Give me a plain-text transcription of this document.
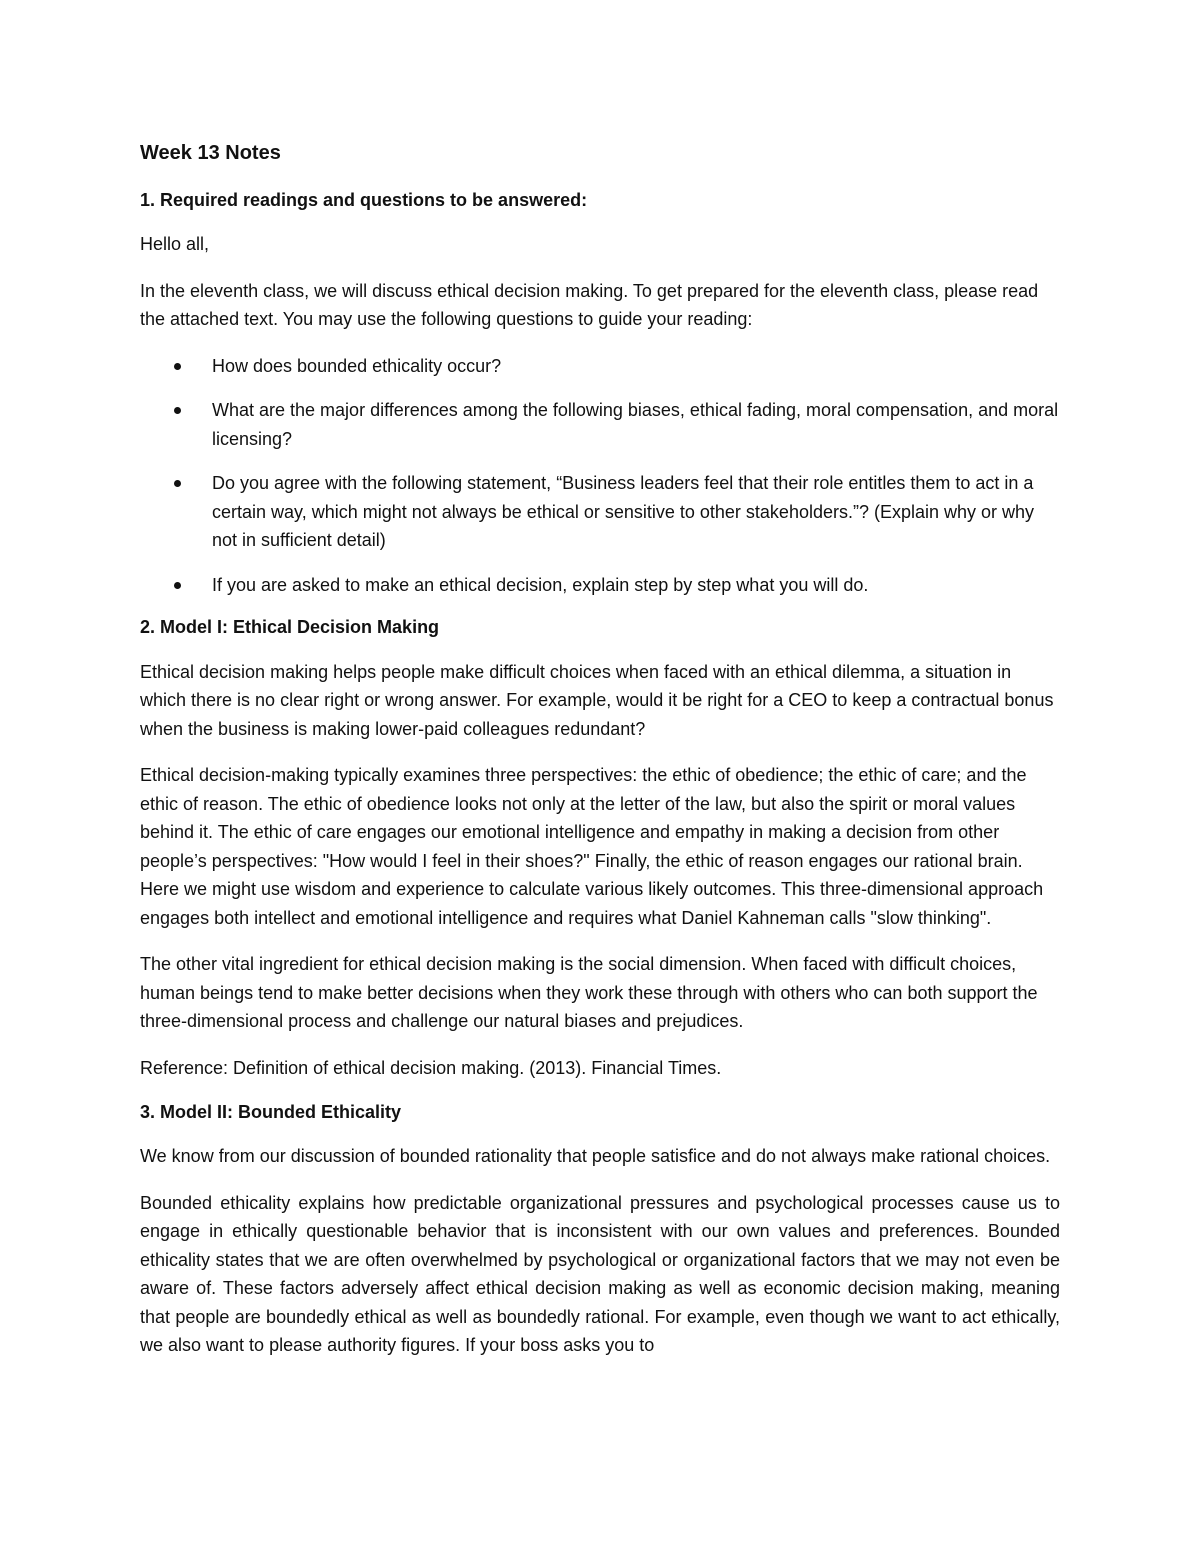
Week 13 Notes
1. Required readings and questions to be answered:

Hello all,

In the eleventh class, we will discuss ethical decision making. To get prepared for the eleventh class, please read the attached text. You may use the following questions to guide your reading:

How does bounded ethicality occur?
What are the major differences among the following biases, ethical fading, moral compensation, and moral licensing?
Do you agree with the following statement, “Business leaders feel that their role entitles them to act in a certain way, which might not always be ethical or sensitive to other stakeholders.”? (Explain why or why not in sufficient detail)
If you are asked to make an ethical decision, explain step by step what you will do.
2. Model I: Ethical Decision Making

Ethical decision making helps people make difficult choices when faced with an ethical dilemma, a situation in which there is no clear right or wrong answer. For example, would it be right for a CEO to keep a contractual bonus when the business is making lower-paid colleagues redundant?

Ethical decision-making typically examines three perspectives: the ethic of obedience; the ethic of care; and the ethic of reason. The ethic of obedience looks not only at the letter of the law, but also the spirit or moral values behind it. The ethic of care engages our emotional intelligence and empathy in making a decision from other people’s perspectives: "How would I feel in their shoes?" Finally, the ethic of reason engages our rational brain. Here we might use wisdom and experience to calculate various likely outcomes. This three-dimensional approach engages both intellect and emotional intelligence and requires what Daniel Kahneman calls "slow thinking".

The other vital ingredient for ethical decision making is the social dimension. When faced with difficult choices, human beings tend to make better decisions when they work these through with others who can both support the three-dimensional process and challenge our natural biases and prejudices.

Reference: Definition of ethical decision making. (2013). Financial Times.

3. Model II: Bounded Ethicality

We know from our discussion of bounded rationality that people satisfice and do not always make rational choices.

Bounded ethicality explains how predictable organizational pressures and psychological processes cause us to engage in ethically questionable behavior that is inconsistent with our own values and preferences. Bounded ethicality states that we are often overwhelmed by psychological or organizational factors that we may not even be aware of. These factors adversely affect ethical decision making as well as economic decision making, meaning that people are boundedly ethical as well as boundedly rational. For example, even though we want to act ethically, we also want to please authority figures. If your boss asks you to
